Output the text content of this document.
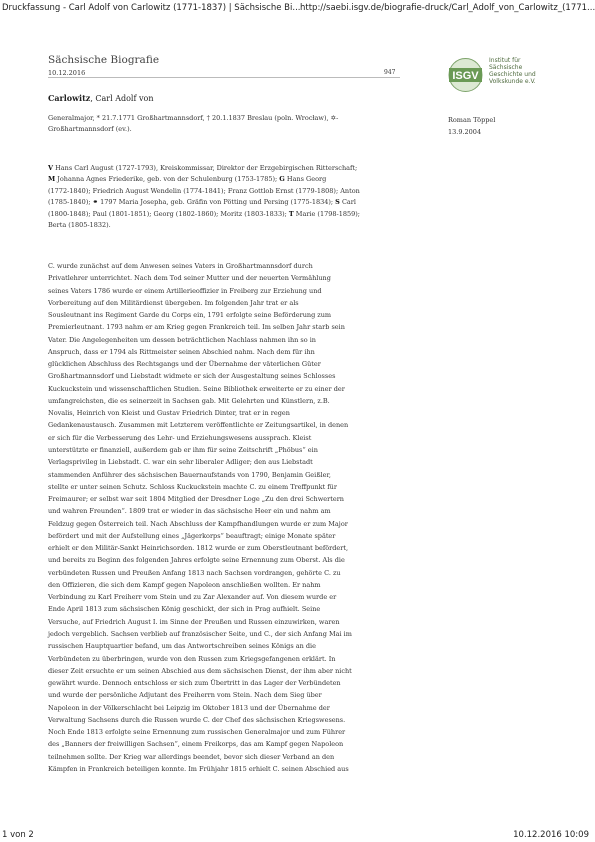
Druckfassung - Carl Adolf von Carlowitz (1771-1837) | Sächsische Bi... http://saebi.isgv.de/biografie-druck/Carl_Adolf_von_Carlowitz_(1771...
Sächsische Biografie
10.12.2016	947	ISGV
Institut für
Sächsische
Geschichte und
Volkskunde e.V.
Roman Töppel
13.9.2004
Carlowitz, Carl Adolf von
Generalmajor, * 21.7.1771 Großhartmannsdorf, † 20.1.1837 Breslau (poln. Wrocław), ✡-
Großhartmannsdorf (ev.).
V Hans Carl August (1727-1793), Kreiskommissar, Direktor der Erzgebirgischen Ritterschaft;
M Johanna Agnes Friederike, geb. von der Schulenburg (1753-1785); G Hans Georg
(1772-1840); Friedrich August Wendelin (1774-1841); Franz Gottlob Ernst (1779-1808); Anton
(1785-1840); ⚭ 1797 Maria Josepha, geb. Gräfin von Pötting und Persing (1775-1834); S Carl
(1800-1848); Paul (1801-1851); Georg (1802-1860); Moritz (1803-1833); T Marie (1798-1859);
Berta (1805-1832).
C. wurde zunächst auf dem Anwesen seines Vaters in Großhartmannsdorf durch
Privatlehrer unterrichtet. Nach dem Tod seiner Mutter und der neuerten Vermählung
seines Vaters 1786 wurde er einem Artillerieoffizier in Freiberg zur Erziehung und
Vorbereitung auf den Militärdienst übergeben. Im folgenden Jahr trat er als
Sousleutnant ins Regiment Garde du Corps ein, 1791 erfolgte seine Beförderung zum
Premierleutnant. 1793 nahm er am Krieg gegen Frankreich teil. Im selben Jahr starb sein
Vater. Die Angelegenheiten um dessen beträchtlichen Nachlass nahmen ihn so in
Anspruch, dass er 1794 als Rittmeister seinen Abschied nahm. Nach dem für ihn
glücklichen Abschluss des Rechtsgangs und der Übernahme der väterlichen Güter
Großhartmannsdorf und Liebstadt widmete er sich der Ausgestaltung seines Schlosses
Kuckuckstein und wissenschaftlichen Studien. Seine Bibliothek erweiterte er zu einer der
umfangreichsten, die es seinerzeit in Sachsen gab. Mit Gelehrten und Künstlern, z.B.
Novalis, Heinrich von Kleist und Gustav Friedrich Dinter, trat er in regen
Gedankenaustausch. Zusammen mit Letzterem veröffentlichte er Zeitungsartikel, in denen
er sich für die Verbesserung des Lehr- und Erziehungswesens aussprach. Kleist
unterstützte er finanziell, außerdem gab er ihm für seine Zeitschrift „Phöbus“ ein
Verlagsprivileg in Liebstadt. C. war ein sehr liberaler Adliger; den aus Liebstadt
stammenden Anführer des sächsischen Bauernaufstands von 1790, Benjamin Geißler,
stellte er unter seinen Schutz. Schloss Kuckuckstein machte C. zu einem Treffpunkt für
Freimaurer; er selbst war seit 1804 Mitglied der Dresdner Loge „Zu den drei Schwertern
und wahren Freunden“. 1809 trat er wieder in das sächsische Heer ein und nahm am
Feldzug gegen Österreich teil. Nach Abschluss der Kampfhandlungen wurde er zum Major
befördert und mit der Aufstellung eines „Jägerkorps“ beauftragt; einige Monate später
erhielt er den Militär-Sankt Heinrichsorden. 1812 wurde er zum Oberstleutnant befördert,
und bereits zu Beginn des folgenden Jahres erfolgte seine Ernennung zum Oberst. Als die
verbündeten Russen und Preußen Anfang 1813 nach Sachsen vordrangen, gehörte C. zu
den Offizieren, die sich dem Kampf gegen Napoleon anschließen wollten. Er nahm
Verbindung zu Karl Freiherr vom Stein und zu Zar Alexander auf. Von diesem wurde er
Ende April 1813 zum sächsischen König geschickt, der sich in Prag aufhielt. Seine
Versuche, auf Friedrich August I. im Sinne der Preußen und Russen einzuwirken, waren
jedoch vergeblich. Sachsen verblieb auf französischer Seite, und C., der sich Anfang Mai im
russischen Hauptquartier befand, um das Antwortschreiben seines Königs an die
Verbündeten zu überbringen, wurde von den Russen zum Kriegsgefangenen erklärt. In
dieser Zeit ersuchte er um seinen Abschied aus dem sächsischen Dienst, der ihm aber nicht
gewährt wurde. Dennoch entschloss er sich zum Übertritt in das Lager der Verbündeten
und wurde der persönliche Adjutant des Freiherrn vom Stein. Nach dem Sieg über
Napoleon in der Völkerschlacht bei Leipzig im Oktober 1813 und der Übernahme der
Verwaltung Sachsens durch die Russen wurde C. der Chef des sächsischen Kriegswesens.
Noch Ende 1813 erfolgte seine Ernennung zum russischen Generalmajor und zum Führer
des „Banners der freiwilligen Sachsen“, einem Freikorps, das am Kampf gegen Napoleon
teilnehmen sollte. Der Krieg war allerdings beendet, bevor sich dieser Verband an den
Kämpfen in Frankreich beteiligen konnte. Im Frühjahr 1815 erhielt C. seinen Abschied aus
1 von 2	10.12.2016 10:09
